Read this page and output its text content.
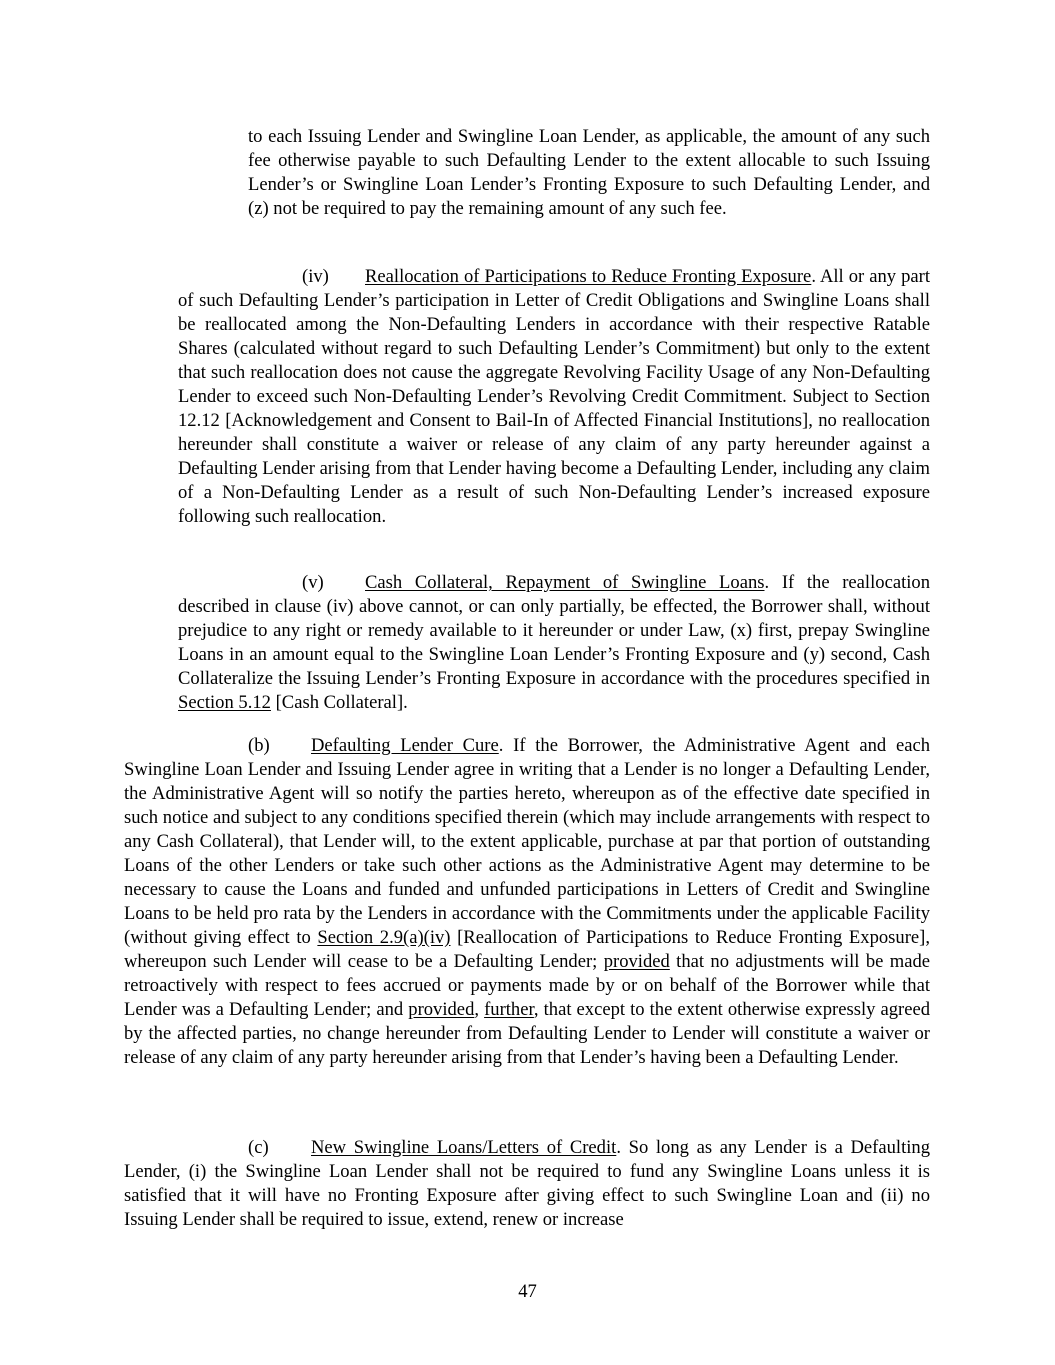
to each Issuing Lender and Swingline Loan Lender, as applicable, the amount of any such fee otherwise payable to such Defaulting Lender to the extent allocable to such Issuing Lender’s or Swingline Loan Lender’s Fronting Exposure to such Defaulting Lender, and (z) not be required to pay the remaining amount of any such fee.

(iv) Reallocation of Participations to Reduce Fronting Exposure. All or any part of such Defaulting Lender’s participation in Letter of Credit Obligations and Swingline Loans shall be reallocated among the Non-Defaulting Lenders in accordance with their respective Ratable Shares (calculated without regard to such Defaulting Lender’s Commitment) but only to the extent that such reallocation does not cause the aggregate Revolving Facility Usage of any Non-Defaulting Lender to exceed such Non-Defaulting Lender’s Revolving Credit Commitment. Subject to Section 12.12 [Acknowledgement and Consent to Bail-In of Affected Financial Institutions], no reallocation hereunder shall constitute a waiver or release of any claim of any party hereunder against a Defaulting Lender arising from that Lender having become a Defaulting Lender, including any claim of a Non-Defaulting Lender as a result of such Non-Defaulting Lender’s increased exposure following such reallocation.

(v) Cash Collateral, Repayment of Swingline Loans. If the reallocation described in clause (iv) above cannot, or can only partially, be effected, the Borrower shall, without prejudice to any right or remedy available to it hereunder or under Law, (x) first, prepay Swingline Loans in an amount equal to the Swingline Loan Lender’s Fronting Exposure and (y) second, Cash Collateralize the Issuing Lender’s Fronting Exposure in accordance with the procedures specified in Section 5.12 [Cash Collateral].

(b) Defaulting Lender Cure. If the Borrower, the Administrative Agent and each Swingline Loan Lender and Issuing Lender agree in writing that a Lender is no longer a Defaulting Lender, the Administrative Agent will so notify the parties hereto, whereupon as of the effective date specified in such notice and subject to any conditions specified therein (which may include arrangements with respect to any Cash Collateral), that Lender will, to the extent applicable, purchase at par that portion of outstanding Loans of the other Lenders or take such other actions as the Administrative Agent may determine to be necessary to cause the Loans and funded and unfunded participations in Letters of Credit and Swingline Loans to be held pro rata by the Lenders in accordance with the Commitments under the applicable Facility (without giving effect to Section 2.9(a)(iv) [Reallocation of Participations to Reduce Fronting Exposure], whereupon such Lender will cease to be a Defaulting Lender; provided that no adjustments will be made retroactively with respect to fees accrued or payments made by or on behalf of the Borrower while that Lender was a Defaulting Lender; and provided, further, that except to the extent otherwise expressly agreed by the affected parties, no change hereunder from Defaulting Lender to Lender will constitute a waiver or release of any claim of any party hereunder arising from that Lender’s having been a Defaulting Lender.

(c) New Swingline Loans/Letters of Credit. So long as any Lender is a Defaulting Lender, (i) the Swingline Loan Lender shall not be required to fund any Swingline Loans unless it is satisfied that it will have no Fronting Exposure after giving effect to such Swingline Loan and (ii) no Issuing Lender shall be required to issue, extend, renew or increase

47
